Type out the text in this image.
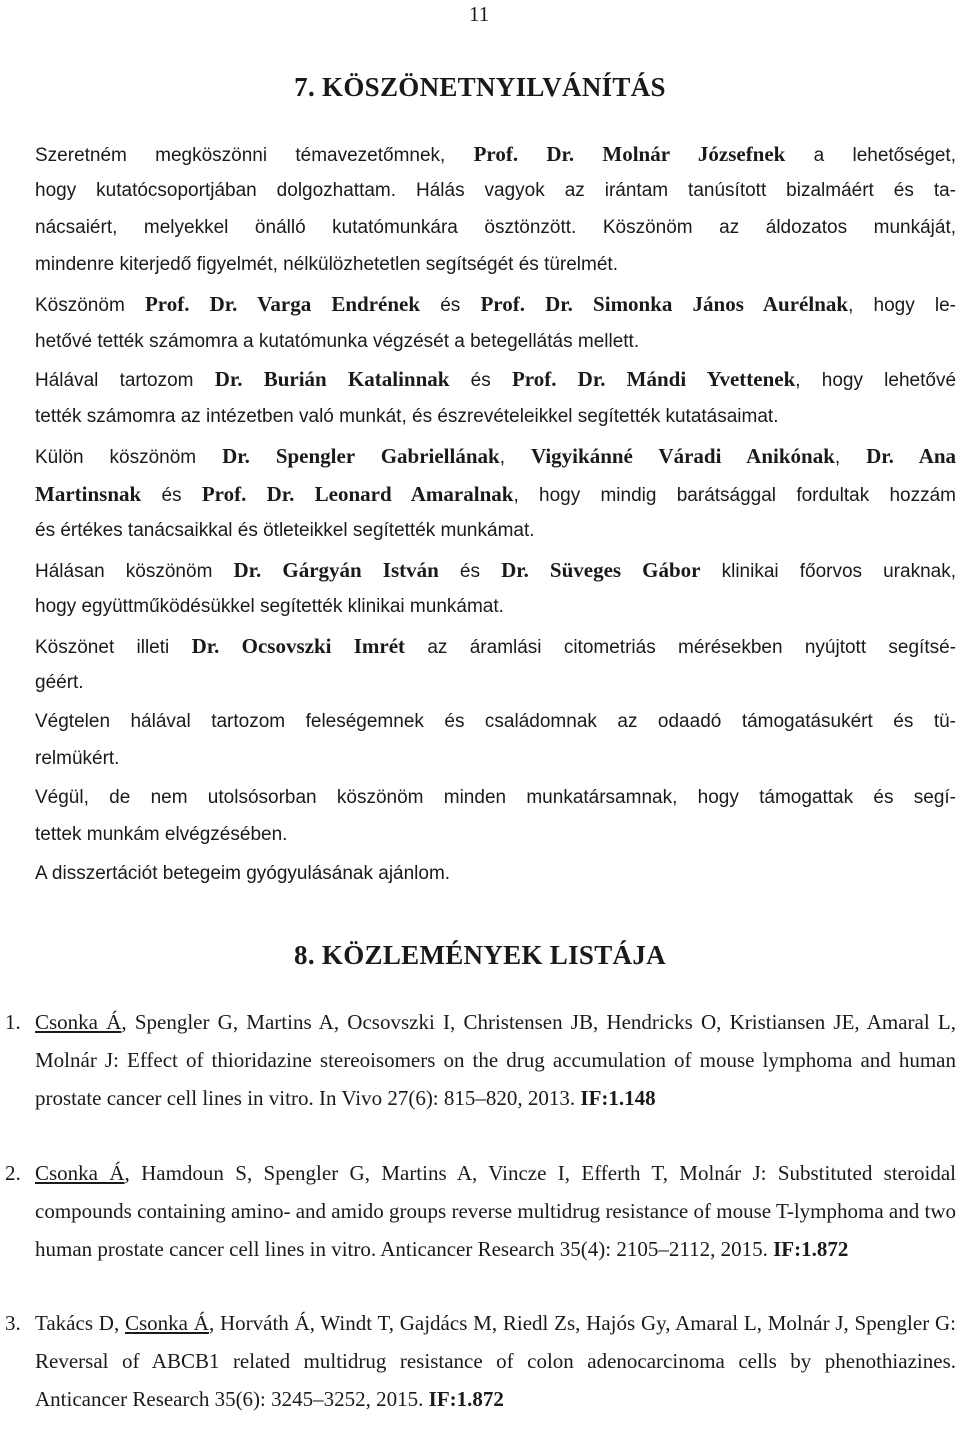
11
7. KÖSZÖNETNYILVÁNÍTÁS
Szeretném megköszönni témavezetőmnek, Prof. Dr. Molnár Józsefnek a lehetőséget,
hogy kutatócsoportjában dolgozhattam. Hálás vagyok az irántam tanúsított bizalmáért és ta-
nácsaiért, melyekkel önálló kutatómunkára ösztönzött. Köszönöm az áldozatos munkáját,
mindenre kiterjedő figyelmét, nélkülözhetetlen segítségét és türelmét.
Köszönöm Prof. Dr. Varga Endrének és Prof. Dr. Simonka János Aurélnak, hogy le-
hetővé tették számomra a kutatómunka végzését a betegellátás mellett.
Hálával tartozom Dr. Burián Katalinnak és Prof. Dr. Mándi Yvettenek, hogy lehetővé
tették számomra az intézetben való munkát, és észrevételeikkel segítették kutatásaimat.
Külön köszönöm Dr. Spengler Gabriellának, Vigyikánné Váradi Anikónak, Dr. Ana
Martinsnak és Prof. Dr. Leonard Amaralnak, hogy mindig barátsággal fordultak hozzám
és értékes tanácsaikkal és ötleteikkel segítették munkámat.
Hálásan köszönöm Dr. Gárgyán István és Dr. Süveges Gábor klinikai főorvos uraknak,
hogy együttműködésükkel segítették klinikai munkámat.
Köszönet illeti Dr. Ocsovszki Imrét az áramlási citometriás mérésekben nyújtott segítsé-
géért.
Végtelen hálával tartozom feleségemnek és családomnak az odaadó támogatásukért és tü-
relmükért.
Végül, de nem utolsósorban köszönöm minden munkatársamnak, hogy támogattak és segí-
tettek munkám elvégzésében.
A disszertációt betegeim gyógyulásának ajánlom.
8. KÖZLEMÉNYEK LISTÁJA
1. Csonka Á, Spengler G, Martins A, Ocsovszki I, Christensen JB, Hendricks O, Kristiansen JE, Amaral L, Molnár J: Effect of thioridazine stereoisomers on the drug accumulation of mouse lymphoma and human prostate cancer cell lines in vitro. In Vivo 27(6): 815–820, 2013. IF:1.148
2. Csonka Á, Hamdoun S, Spengler G, Martins A, Vincze I, Efferth T, Molnár J: Substituted steroidal compounds containing amino- and amido groups reverse multidrug resistance of mouse T-lymphoma and two human prostate cancer cell lines in vitro. Anticancer Research 35(4): 2105–2112, 2015. IF:1.872
3. Takács D, Csonka Á, Horváth Á, Windt T, Gajdács M, Riedl Zs, Hajós Gy, Amaral L, Molnár J, Spengler G: Reversal of ABCB1 related multidrug resistance of colon adenocarcinoma cells by phenothiazines. Anticancer Research 35(6): 3245–3252, 2015. IF:1.872
